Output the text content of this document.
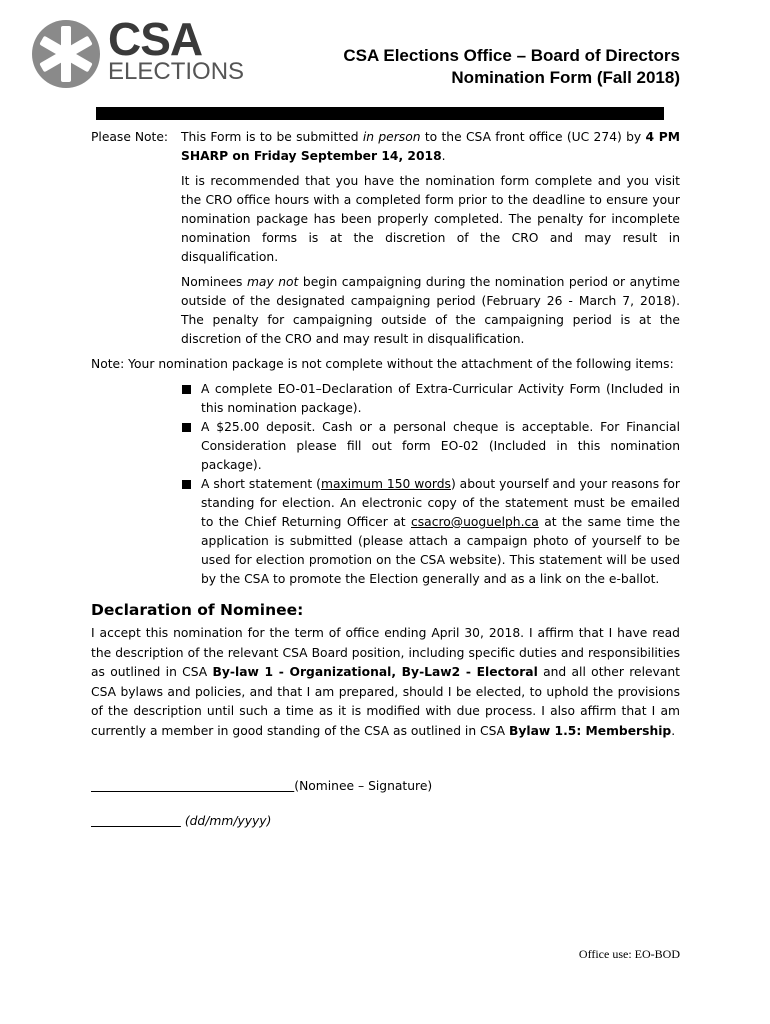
CSA
ELECTIONS
CSA Elections Office – Board of Directors
Nomination Form (Fall 2018)
Please Note:	This Form is to be submitted in person to the CSA front office (UC 274) by 4 PM SHARP on Friday September 14, 2018.

It is recommended that you have the nomination form complete and you visit the CRO office hours with a completed form prior to the deadline to ensure your nomination package has been properly completed. The penalty for incomplete nomination forms is at the discretion of the CRO and may result in disqualification.

Nominees may not begin campaigning during the nomination period or anytime outside of the designated campaigning period (February 26 - March 7, 2018). The penalty for campaigning outside of the campaigning period is at the discretion of the CRO and may result in disqualification.

Note: Your nomination package is not complete without the attachment of the following items:

A complete EO-01–Declaration of Extra-Curricular Activity Form (Included in this nomination package).
A $25.00 deposit. Cash or a personal cheque is acceptable. For Financial Consideration please fill out form EO-02 (Included in this nomination package).
A short statement (maximum 150 words) about yourself and your reasons for standing for election. An electronic copy of the statement must be emailed to the Chief Returning Officer at csacro@uoguelph.ca at the same time the application is submitted (please attach a campaign photo of yourself to be used for election promotion on the CSA website). This statement will be used by the CSA to promote the Election generally and as a link on the e-ballot.
Declaration of Nominee:

I accept this nomination for the term of office ending April 30, 2018. I affirm that I have read the description of the relevant CSA Board position, including specific duties and responsibilities as outlined in CSA By-law 1 - Organizational, By-Law2 - Electoral and all other relevant CSA bylaws and policies, and that I am prepared, should I be elected, to uphold the provisions of the description until such a time as it is modified with due process. I also affirm that I am currently a member in good standing of the CSA as outlined in CSA Bylaw 1.5: Membership.

(Nominee – Signature)
(dd/mm/yyyy)
Office use: EO-BOD
